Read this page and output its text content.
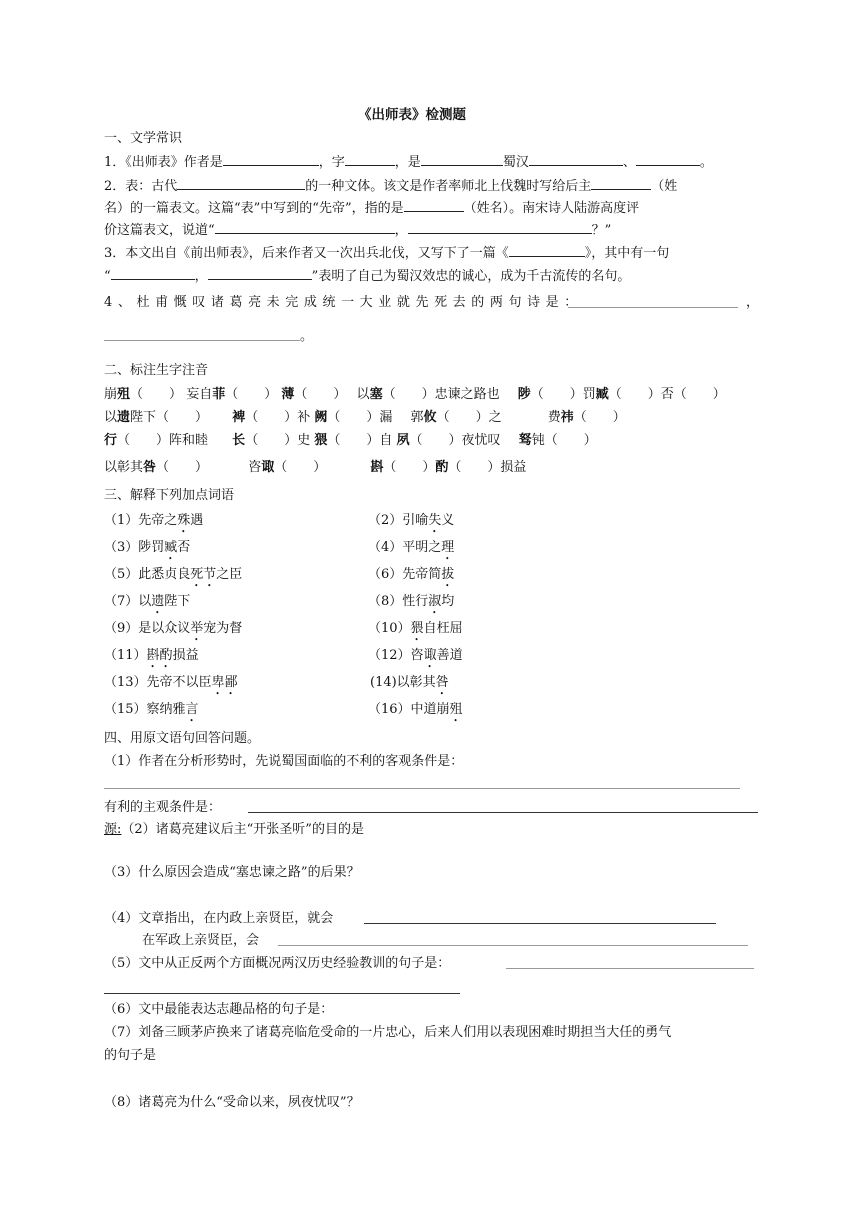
《出师表》检测题
一、文学常识
1．《出师表》作者是	，字	，是	蜀汉	、	。
2．表：古代	的一种文体。该文是作者率师北上伐魏时写给后主	（姓
名）的一篇表文。这篇“表”中写到的“先帝”，指的是	（姓名）。南宋诗人陆游高度评
价这篇表文，说道“	，	？”
3．本文出自《前出师表》，后来作者又一次出兵北伐，又写下了一篇《	》，其中有一句
“	，	”表明了自己为蜀汉效忠的诚心，成为千古流传的名句。
4、杜甫慨叹诸葛亮未完成统一大业就先死去的两句诗是：	，
。
二、标注生字注音
崩殂（　　） 妄自菲（　　） 薄（　　） 以塞（　　）忠谏之路也 陟（　　）罚臧（　　）否（　　）
以遗陛下（　　） 裨（　　）补 阙（　　）漏 郭攸（　　）之	费祎（　　）
行（　　）阵和睦 长（　　）史 猥（　　）自 夙（　　）夜忧叹 驽钝（　　）
以彰其咎（　　）	咨诹（　　）	斟（　　）酌（　　）损益
三、解释下列加点词语
（1）先帝之殊遇	（2）引喻失义
（3）陟罚臧否	（4）平明之理
（5）此悉贞良死节之臣	（6）先帝简拔
（7）以遗陛下	（8）性行淑均
（9）是以众议举宠为督	（10）猥自枉屈
（11）斟酌损益	（12）咨诹善道
（13）先帝不以臣卑鄙	(14)以彰其咎
（15）察纳雅言	（16）中道崩殂
四、用原文语句回答问题。
（1）作者在分析形势时，先说蜀国面临的不利的客观条件是：
有利的主观条件是：
源:（2）诸葛亮建议后主“开张圣听”的目的是
（3）什么原因会造成“塞忠谏之路”的后果？
（4）文章指出，在内政上亲贤臣，就会
在军政上亲贤臣，会
（5）文中从正反两个方面概况两汉历史经验教训的句子是：
（6）文中最能表达志趣品格的句子是：
（7）刘备三顾茅庐换来了诸葛亮临危受命的一片忠心，后来人们用以表现困难时期担当大任的勇气
的句子是
（8）诸葛亮为什么“受命以来，夙夜忧叹”？
